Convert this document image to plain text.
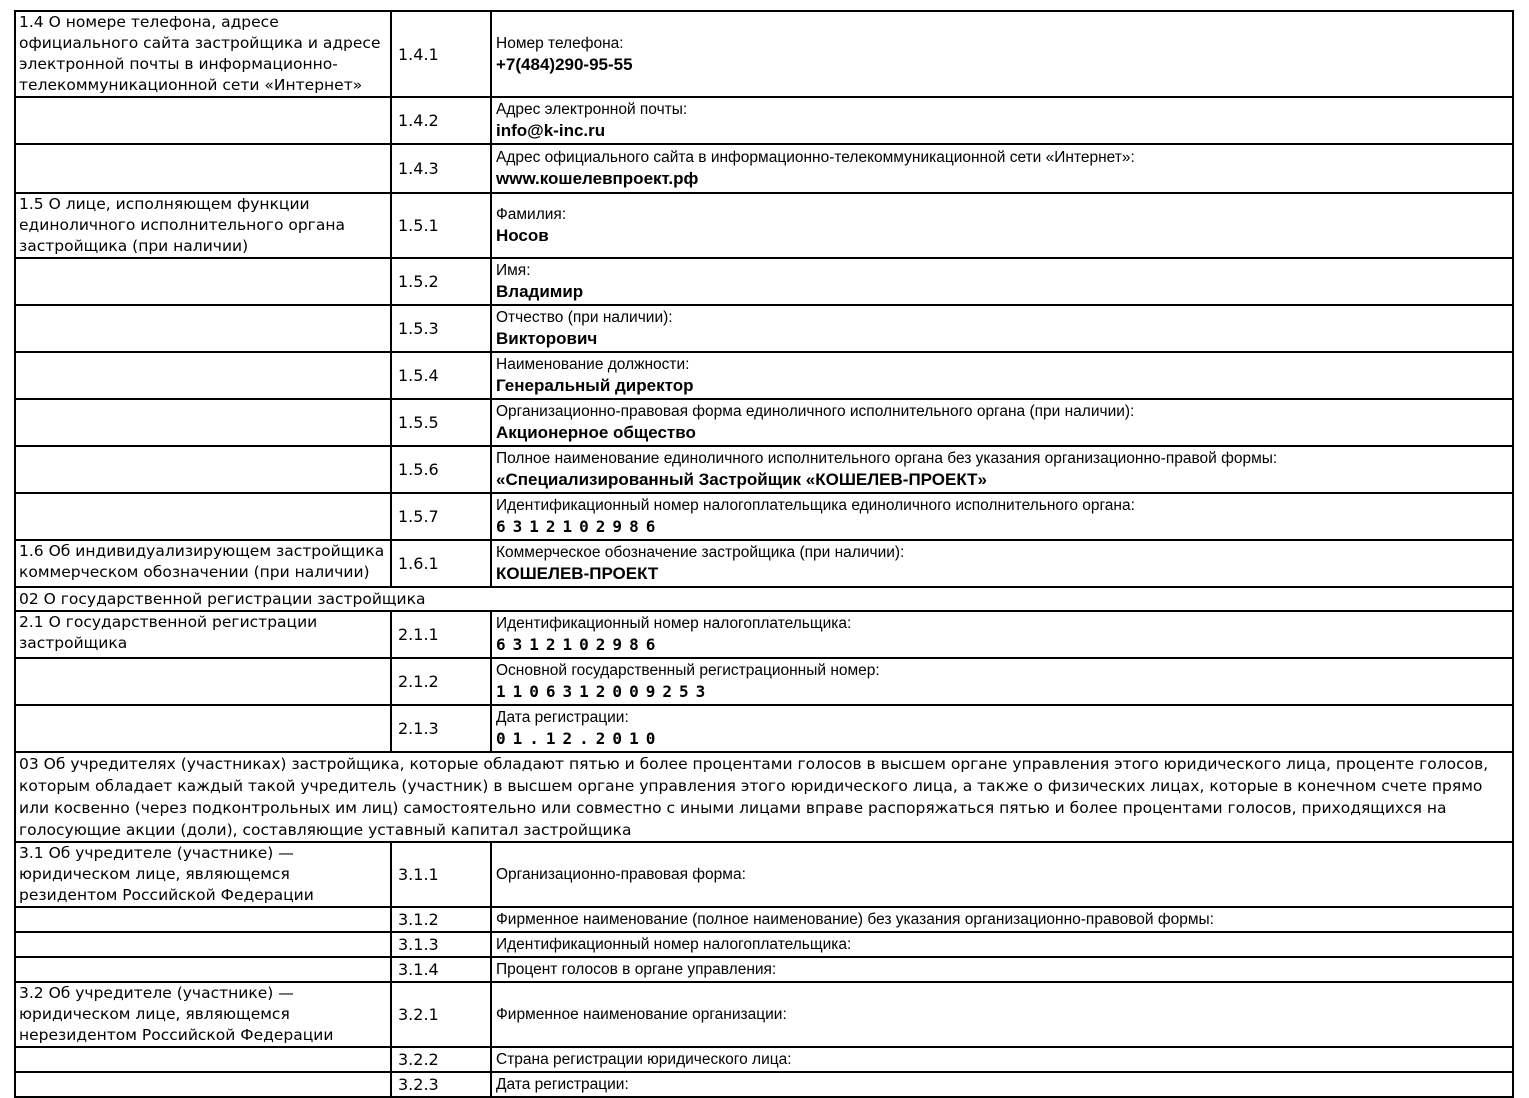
1.4 О номере телефона, адресе официального сайта застройщика и адресе электронной почты в информационно-телекоммуникационной сети «Интернет»	1.4.1	Номер телефона:
+7(484)290-95-55

	1.4.2	Адрес электронной почты:
info@k-inc.ru

	1.4.3	Адрес официального сайта в информационно-телекоммуникационной сети «Интернет»:
www.кошелевпроект.рф

1.5 О лице, исполняющем функции единоличного исполнительного органа застройщика (при наличии)	1.5.1	Фамилия:
Носов

	1.5.2	Имя:
Владимир

	1.5.3	Отчество (при наличии):
Викторович

	1.5.4	Наименование должности:
Генеральный директор

	1.5.5	Организационно-правовая форма единоличного исполнительного органа (при наличии):
Акционерное общество

	1.5.6	Полное наименование единоличного исполнительного органа без указания организационно-правой формы:
«Специализированный Застройщик «КОШЕЛЕВ-ПРОЕКТ»

	1.5.7	Идентификационный номер налогоплательщика единоличного исполнительного органа:
6312102986

1.6 Об индивидуализирующем застройщика коммерческом обозначении (при наличии)	1.6.1	Коммерческое обозначение застройщика (при наличии):
КОШЕЛЕВ-ПРОЕКТ

02 О государственной регистрации застройщика		
2.1 О государственной регистрации застройщика	2.1.1	Идентификационный номер налогоплательщика:
6312102986

	2.1.2	Основной государственный регистрационный номер:
1106312009253

	2.1.3	Дата регистрации:
01.12.2010

03 Об учредителях (участниках) застройщика, которые обладают пятью и более процентами голосов в высшем органе управления этого юридического лица, проценте голосов, которым обладает каждый такой учредитель (участник) в высшем органе управления этого юридического лица, а также о физических лицах, которые в конечном счете прямо или косвенно (через подконтрольных им лиц) самостоятельно или совместно с иными лицами вправе распоряжаться пятью и более процентами голосов, приходящихся на голосующие акции (доли), составляющие уставный капитал застройщика		
3.1 Об учредителе (участнике) — юридическом лице, являющемся резидентом Российской Федерации	3.1.1	Организационно-правовая форма:

	3.1.2	Фирменное наименование (полное наименование) без указания организационно-правовой формы:

	3.1.3	Идентификационный номер налогоплательщика:

	3.1.4	Процент голосов в органе управления:

3.2 Об учредителе (участнике) — юридическом лице, являющемся нерезидентом Российской Федерации	3.2.1	Фирменное наименование организации:

	3.2.2	Страна регистрации юридического лица:

	3.2.3	Дата регистрации:
